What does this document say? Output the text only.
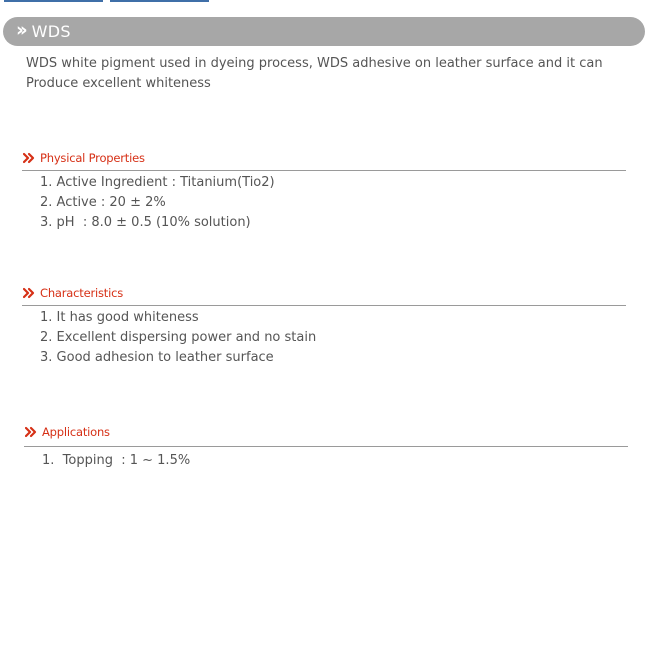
›› WDS
WDS white pigment used in dyeing process, WDS adhesive on leather surface and it can
Produce excellent whiteness
Physical Properties
1. Active Ingredient : Titanium(Tio2)
2. Active : 20 ± 2%
3. pH  : 8.0 ± 0.5 (10% solution)
Characteristics
1. It has good whiteness
2. Excellent dispersing power and no stain
3. Good adhesion to leather surface
Applications
1.  Topping  : 1 ~ 1.5%
